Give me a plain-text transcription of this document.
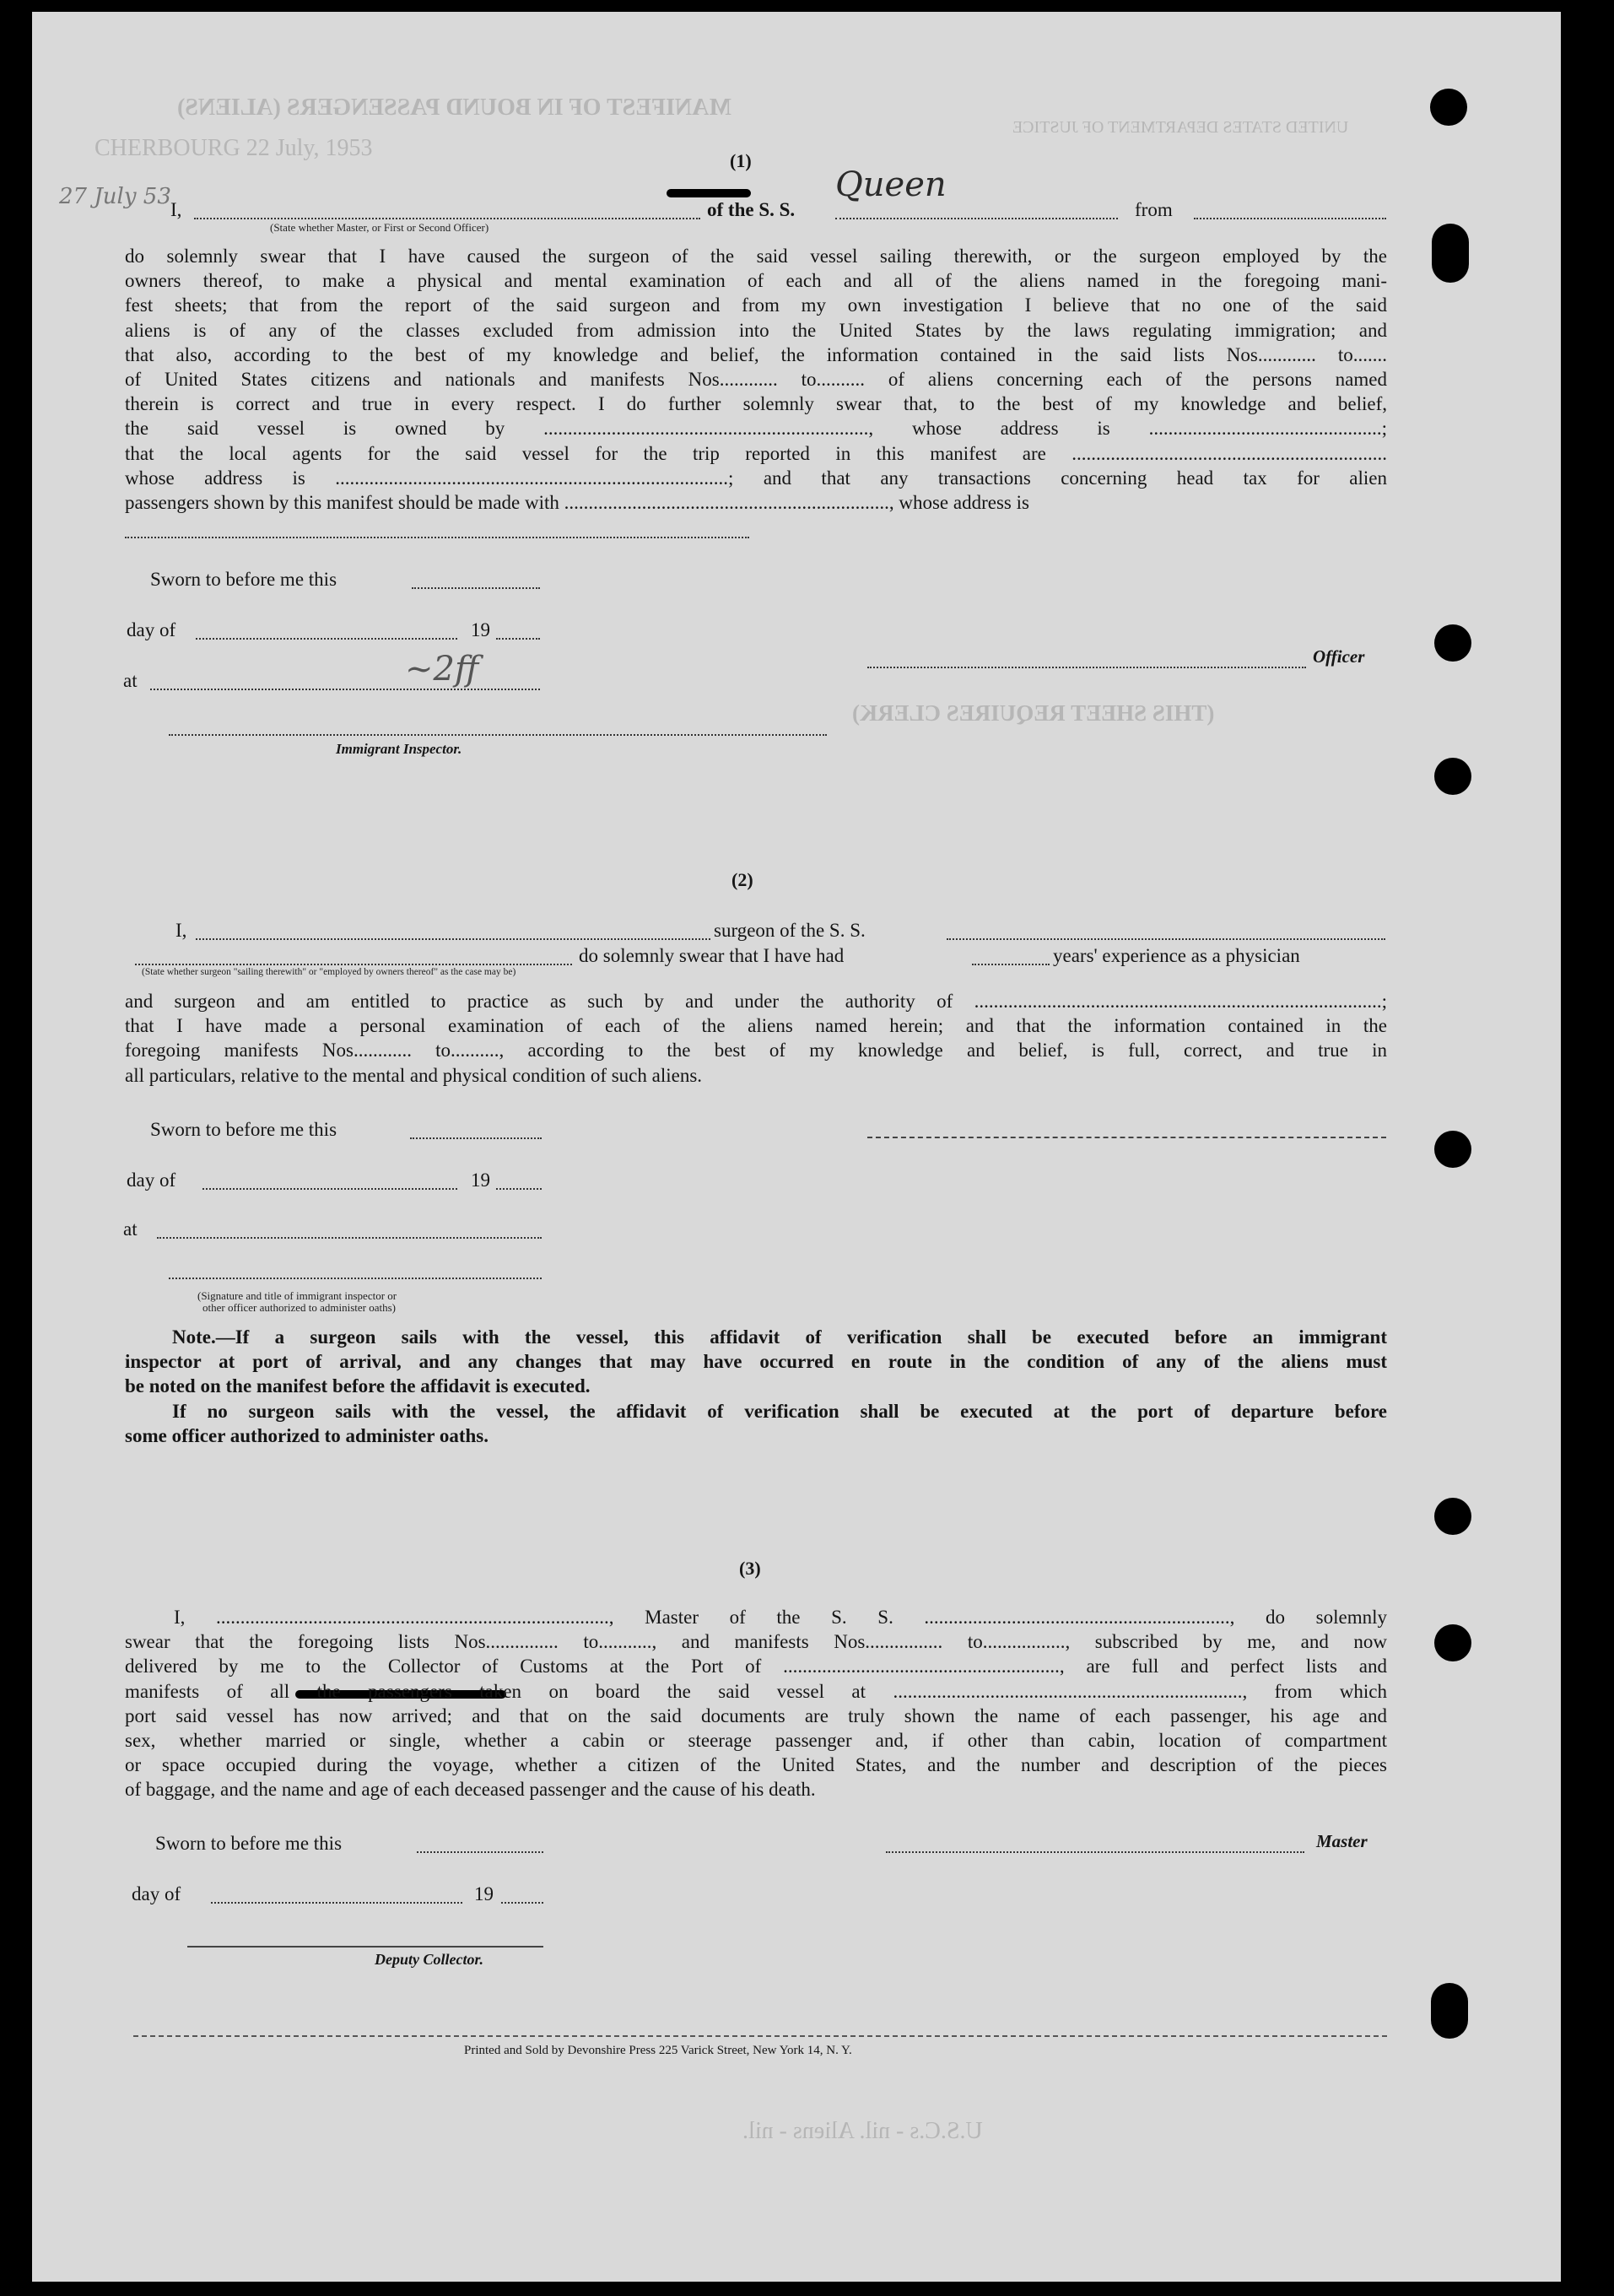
MANIFEST OF IN BOUND PASSENGERS (ALIENS)
CHERBOURG 22 July, 1953
UNITED STATES DEPARTMENT OF JUSTICE
(THIS SHEET REQUIRES CLERK)
U.S.C.s - nil. Aliens - nil.
27 July 53	Queen
~2ff
(1)
I,	of the S. S.	from
(State whether Master, or First or Second Officer)
do solemnly swear that I have caused the surgeon of the said vessel sailing therewith, or the surgeon employed by the
owners thereof, to make a physical and mental examination of each and all of the aliens named in the foregoing mani-
fest sheets; that from the report of the said surgeon and from my own investigation I believe that no one of the said
aliens is of any of the classes excluded from admission into the United States by the laws regulating immigration; and
that also, according to the best of my knowledge and belief, the information contained in the said lists Nos............ to.......
of United States citizens and nationals and manifests Nos............ to.......... of aliens concerning each of the persons named
therein is correct and true in every respect. I do further solemnly swear that, to the best of my knowledge and belief,
the said vessel is owned by ..................................................................., whose address is ................................................;
that the local agents for the said vessel for the trip reported in this manifest are .................................................................
whose address is .................................................................................; and that any transactions concerning head tax for alien
passengers shown by this manifest should be made with ..................................................................., whose address is
Sworn to before me this
day of	19
Officer
at
Immigrant Inspector.
(2)
I,	surgeon of the S. S.
do solemnly swear that I have had	years' experience as a physician
(State whether surgeon "sailing therewith" or "employed by owners thereof" as the case may be)
and surgeon and am entitled to practice as such by and under the authority of ....................................................................................;
that I have made a personal examination of each of the aliens named herein; and that the information contained in the
foregoing manifests Nos............ to.........., according to the best of my knowledge and belief, is full, correct, and true in
all particulars, relative to the mental and physical condition of such aliens.
Sworn to before me this
day of	19
at
(Signature and title of immigrant inspector or
other officer authorized to administer oaths)
Note.—If a surgeon sails with the vessel, this affidavit of verification shall be executed before an immigrant
inspector at port of arrival, and any changes that may have occurred en route in the condition of any of the aliens must
be noted on the manifest before the affidavit is executed.
If no surgeon sails with the vessel, the affidavit of verification shall be executed at the port of departure before
some officer authorized to administer oaths.
(3)
I, ................................................................................., Master of the S. S. ..............................................................., do solemnly
swear that the foregoing lists Nos............... to..........., and manifests Nos................ to................., subscribed by me, and now
delivered by me to the Collector of Customs at the Port of ........................................................., are full and perfect lists and
manifests of all the passengers taken on board the said vessel at ........................................................................, from which
port said vessel has now arrived; and that on the said documents are truly shown the name of each passenger, his age and
sex, whether married or single, whether a cabin or steerage passenger and, if other than cabin, location of compartment
or space occupied during the voyage, whether a citizen of the United States, and the number and description of the pieces
of baggage, and the name and age of each deceased passenger and the cause of his death.
Sworn to before me this	Master
day of	19
Deputy Collector.
Printed and Sold by Devonshire Press 225 Varick Street, New York 14, N. Y.
